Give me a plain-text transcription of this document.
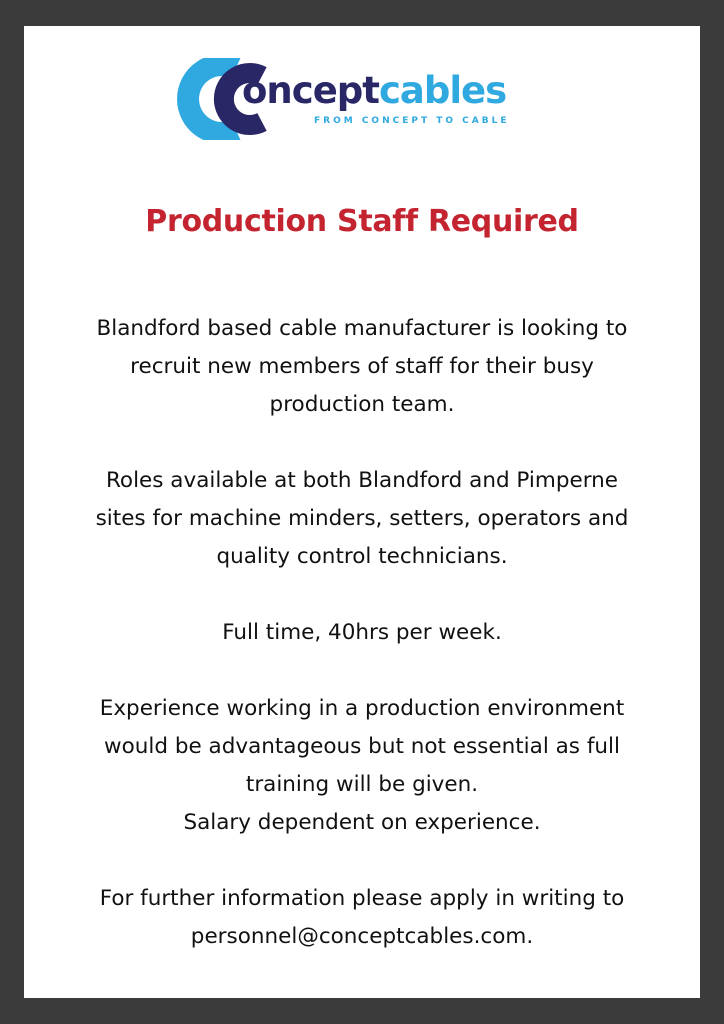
onceptcables
FROM CONCEPT TO CABLE
Production Staff Required

Blandford based cable manufacturer is looking to
recruit new members of staff for their busy
production team.

Roles available at both Blandford and Pimperne
sites for machine minders, setters, operators and
quality control technicians.

Full time, 40hrs per week.

Experience working in a production environment
would be advantageous but not essential as full
training will be given.
Salary dependent on experience.

For further information please apply in writing to
personnel@conceptcables.com.
